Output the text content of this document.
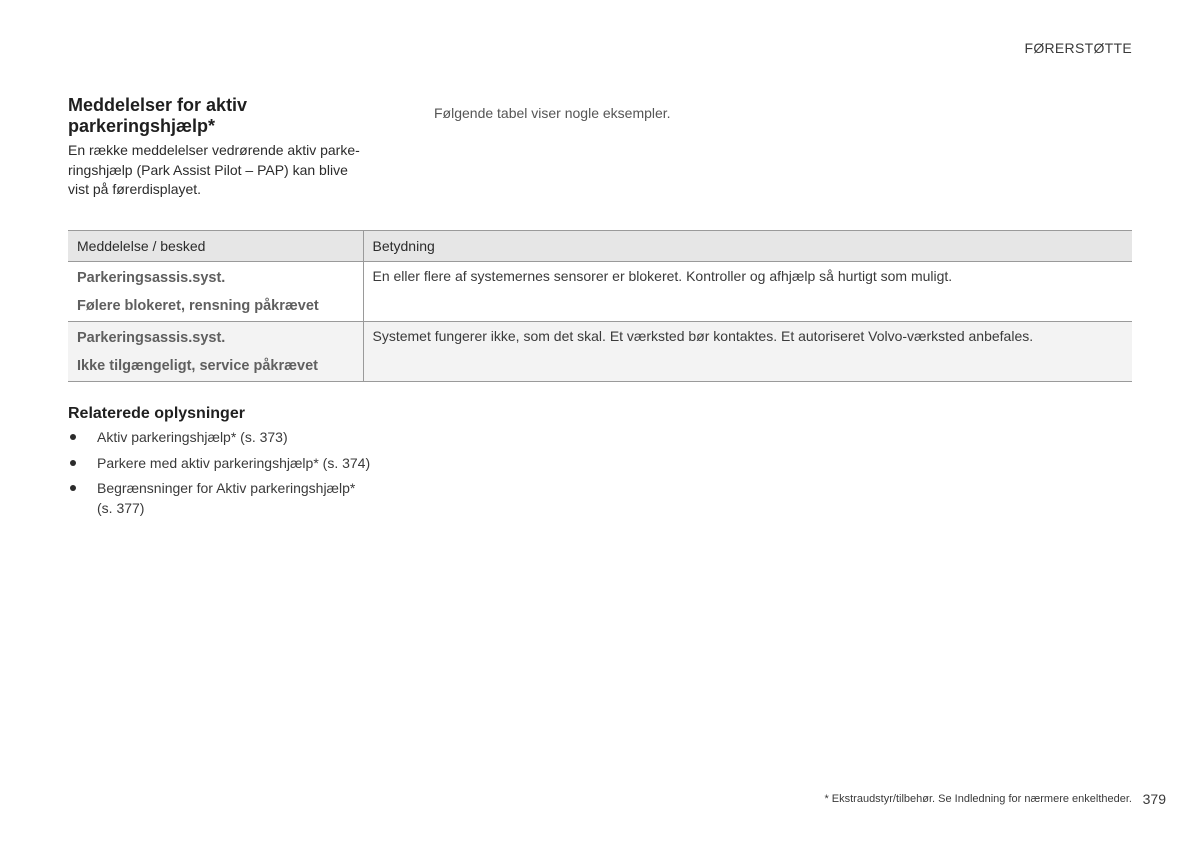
FØRERSTØTTE
Meddelelser for aktiv parkeringshjælp*

En række meddelelser vedrørende aktiv parke-
ringshjælp (Park Assist Pilot – PAP) kan blive
vist på førerdisplayet.

Følgende tabel viser nogle eksempler.

Meddelelse / besked	Betydning

Parkeringsassis.syst.
Følere blokeret, rensning påkrævet	En eller flere af systemernes sensorer er blokeret. Kontroller og afhjælp så hurtigt som muligt.

Parkeringsassis.syst.
Ikke tilgængeligt, service påkrævet	Systemet fungerer ikke, som det skal. Et værksted bør kontaktes. Et autoriseret Volvo-værksted anbefales.
Relaterede oplysninger
Aktiv parkeringshjælp* (s. 373)
Parkere med aktiv parkeringshjælp* (s. 374)
Begrænsninger for Aktiv parkeringshjælp*
(s. 377)

* Ekstraudstyr/tilbehør. Se Indledning for nærmere enkeltheder. 379
